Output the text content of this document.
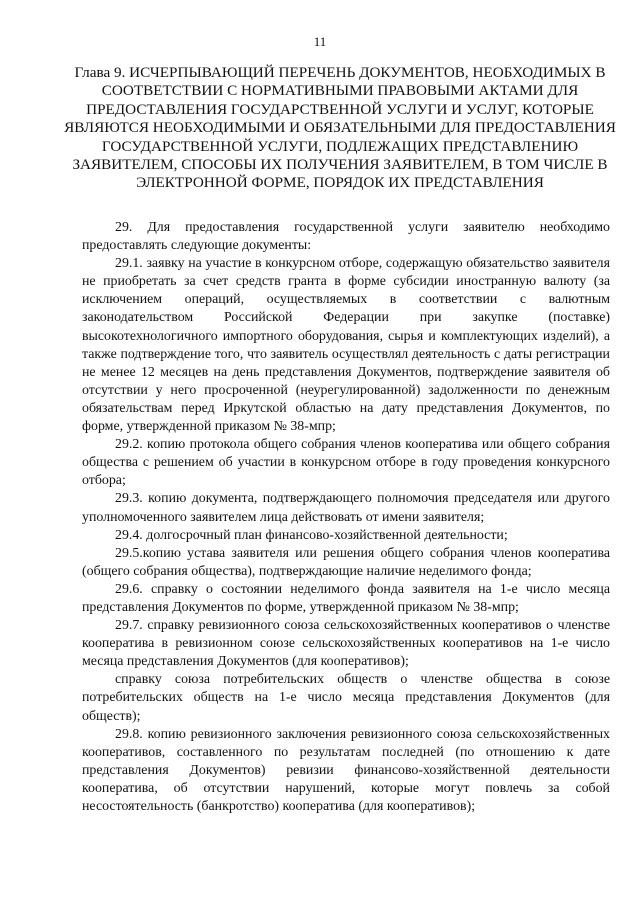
11
Глава 9. ИСЧЕРПЫВАЮЩИЙ ПЕРЕЧЕНЬ ДОКУМЕНТОВ, НЕОБХОДИМЫХ В СООТВЕТСТВИИ С НОРМАТИВНЫМИ ПРАВОВЫМИ АКТАМИ ДЛЯ ПРЕДОСТАВЛЕНИЯ ГОСУДАРСТВЕННОЙ УСЛУГИ И УСЛУГ, КОТОРЫЕ ЯВЛЯЮТСЯ НЕОБХОДИМЫМИ И ОБЯЗАТЕЛЬНЫМИ ДЛЯ ПРЕДОСТАВЛЕНИЯ ГОСУДАРСТВЕННОЙ УСЛУГИ, ПОДЛЕЖАЩИХ ПРЕДСТАВЛЕНИЮ ЗАЯВИТЕЛЕМ, СПОСОБЫ ИХ ПОЛУЧЕНИЯ ЗАЯВИТЕЛЕМ, В ТОМ ЧИСЛЕ В ЭЛЕКТРОННОЙ ФОРМЕ, ПОРЯДОК ИХ ПРЕДСТАВЛЕНИЯ

29. Для предоставления государственной услуги заявителю необходимо предоставлять следующие документы:

29.1. заявку на участие в конкурсном отборе, содержащую обязательство заявителя не приобретать за счет средств гранта в форме субсидии иностранную валюту (за исключением операций, осуществляемых в соответствии с валютным законодательством Российской Федерации при закупке (поставке) высокотехнологичного импортного оборудования, сырья и комплектующих изделий), а также подтверждение того, что заявитель осуществлял деятельность с даты регистрации не менее 12 месяцев на день представления Документов, подтверждение заявителя об отсутствии у него просроченной (неурегулированной) задолженности по денежным обязательствам перед Иркутской областью на дату представления Документов, по форме, утвержденной приказом № 38-мпр;

29.2. копию протокола общего собрания членов кооператива или общего собрания общества с решением об участии в конкурсном отборе в году проведения конкурсного отбора;

29.3. копию документа, подтверждающего полномочия председателя или другого уполномоченного заявителем лица действовать от имени заявителя;

29.4. долгосрочный план финансово-хозяйственной деятельности;

29.5.копию устава заявителя или решения общего собрания членов кооператива (общего собрания общества), подтверждающие наличие неделимого фонда;

29.6. справку о состоянии неделимого фонда заявителя на 1-е число месяца представления Документов по форме, утвержденной приказом № 38-мпр;

29.7. справку ревизионного союза сельскохозяйственных кооперативов о членстве кооператива в ревизионном союзе сельскохозяйственных кооперативов на 1-е число месяца представления Документов (для кооперативов);

справку союза потребительских обществ о членстве общества в союзе потребительских обществ на 1-е число месяца представления Документов (для обществ);

29.8. копию ревизионного заключения ревизионного союза сельскохозяйственных кооперативов, составленного по результатам последней (по отношению к дате представления Документов) ревизии финансово-хозяйственной деятельности кооператива, об отсутствии нарушений, которые могут повлечь за собой несостоятельность (банкротство) кооператива (для кооперативов);
